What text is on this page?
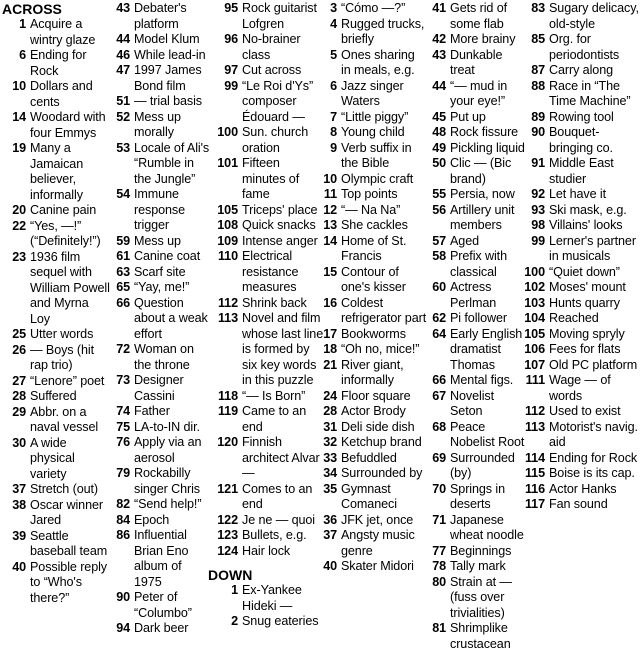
ACROSS
1 Acquire a wintry glaze
6 Ending for Rock
10 Dollars and cents
14 Woodard with four Emmys
19 Many a Jamaican believer, informally
20 Canine pain
22 “Yes, —!” (“Definitely!”)
23 1936 film sequel with William Powell and Myrna Loy
25 Utter words
26 — Boys (hit rap trio)
27 “Lenore” poet
28 Suffered
29 Abbr. on a naval vessel
30 A wide physical variety
37 Stretch (out)
38 Oscar winner Jared
39 Seattle baseball team
40 Possible reply to “Who's there?”
43 Debater's platform
44 Model Klum
46 While lead-in
47 1997 James Bond film
51 — trial basis
52 Mess up morally
53 Locale of Ali's “Rumble in the Jungle”
54 Immune response trigger
59 Mess up
61 Canine coat
63 Scarf site
65 “Yay, me!”
66 Question about a weak effort
72 Woman on the throne
73 Designer Cassini
74 Father
75 LA-to-IN dir.
76 Apply via an aerosol
79 Rockabilly singer Chris
82 “Send help!”
84 Epoch
86 Influential Brian Eno album of 1975
90 Peter of “Columbo”
94 Dark beer
95 Rock guitarist Lofgren
96 No-brainer class
97 Cut across
99 “Le Roi d'Ys” composer Édouard —
100 Sun. church oration
101 Fifteen minutes of fame
105 Triceps' place
108 Quick snacks
109 Intense anger
110 Electrical resistance measures
112 Shrink back
113 Novel and film whose last line is formed by six key words in this puzzle
118 “— Is Born”
119 Came to an end
120 Finnish architect Alvar —
121 Comes to an end
122 Je ne — quoi
123 Bullets, e.g.
124 Hair lock
DOWN
1 Ex-Yankee Hideki —
2 Snug eateries
3 “Cómo —?”
4 Rugged trucks, briefly
5 Ones sharing in meals, e.g.
6 Jazz singer Waters
7 “Little piggy”
8 Young child
9 Verb suffix in the Bible
10 Olympic craft
11 Top points
12 “— Na Na”
13 She cackles
14 Home of St. Francis
15 Contour of one's kisser
16 Coldest refrigerator part
17 Bookworms
18 “Oh no, mice!”
21 River giant, informally
24 Floor square
28 Actor Brody
31 Deli side dish
32 Ketchup brand
33 Befuddled
34 Surrounded by
35 Gymnast Comaneci
36 JFK jet, once
37 Angsty music genre
40 Skater Midori
41 Gets rid of some flab
42 More brainy
43 Dunkable treat
44 “— mud in your eye!”
45 Put up
48 Rock fissure
49 Pickling liquid
50 Clic — (Bic brand)
55 Persia, now
56 Artillery unit members
57 Aged
58 Prefix with classical
60 Actress Perlman
62 Pi follower
64 Early English dramatist Thomas
66 Mental figs.
67 Novelist Seton
68 Peace Nobelist Root
69 Surrounded (by)
70 Springs in deserts
71 Japanese wheat noodle
77 Beginnings
78 Tally mark
80 Strain at — (fuss over trivialities)
81 Shrimplike crustacean
83 Sugary delicacy, old-style
85 Org. for periodontists
87 Carry along
88 Race in “The Time Machine”
89 Rowing tool
90 Bouquet-bringing co.
91 Middle East studier
92 Let have it
93 Ski mask, e.g.
98 Villains' looks
99 Lerner's partner in musicals
100 “Quiet down”
102 Moses' mount
103 Hunts quarry
104 Reached
105 Moving spryly
106 Fees for flats
107 Old PC platform
111 Wage — of words
112 Used to exist
113 Motorist's navig. aid
114 Ending for Rock
115 Boise is its cap.
116 Actor Hanks
117 Fan sound
